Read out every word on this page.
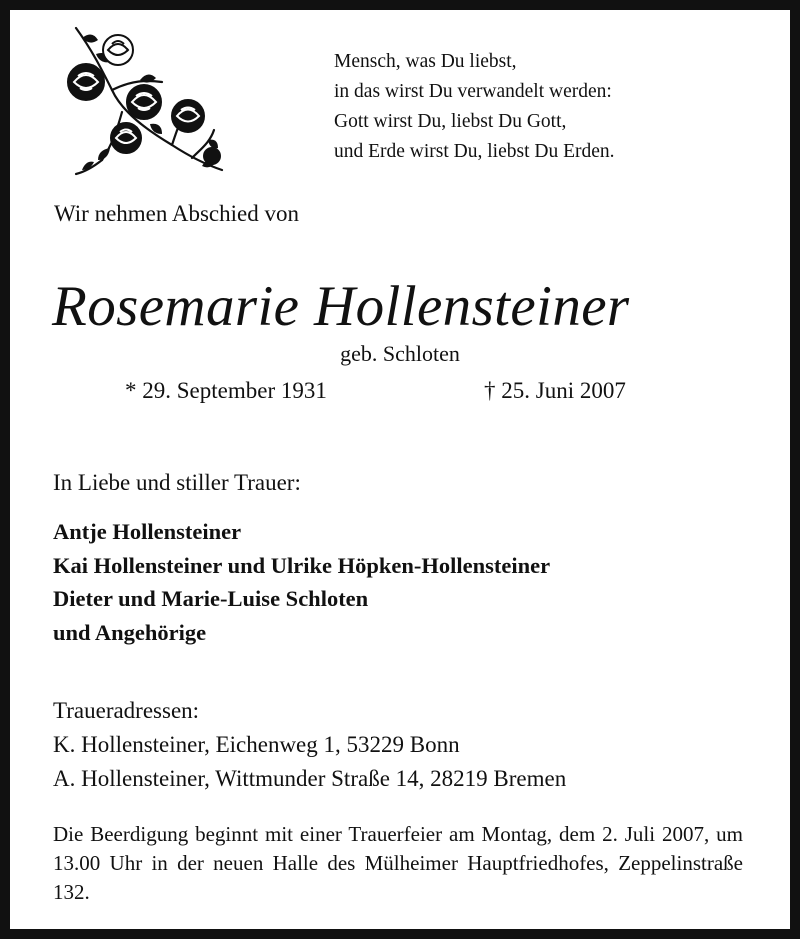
Mensch, was Du liebst,
in das wirst Du verwandelt werden:
Gott wirst Du, liebst Du Gott,
und Erde wirst Du, liebst Du Erden.
Wir nehmen Abschied von
Rosemarie Hollensteiner
geb. Schloten
* 29. September 1931	† 25. Juni 2007
In Liebe und stiller Trauer:
Antje Hollensteiner
Kai Hollensteiner und Ulrike Höpken-Hollensteiner
Dieter und Marie-Luise Schloten
und Angehörige
Traueradressen:
K. Hollensteiner, Eichenweg 1, 53229 Bonn
A. Hollensteiner, Wittmunder Straße 14, 28219 Bremen
Die Beerdigung beginnt mit einer Trauerfeier am Montag, dem 2. Juli 2007, um 13.00 Uhr in der neuen Halle des Mülheimer Hauptfriedhofes, Zeppelinstraße 132.
